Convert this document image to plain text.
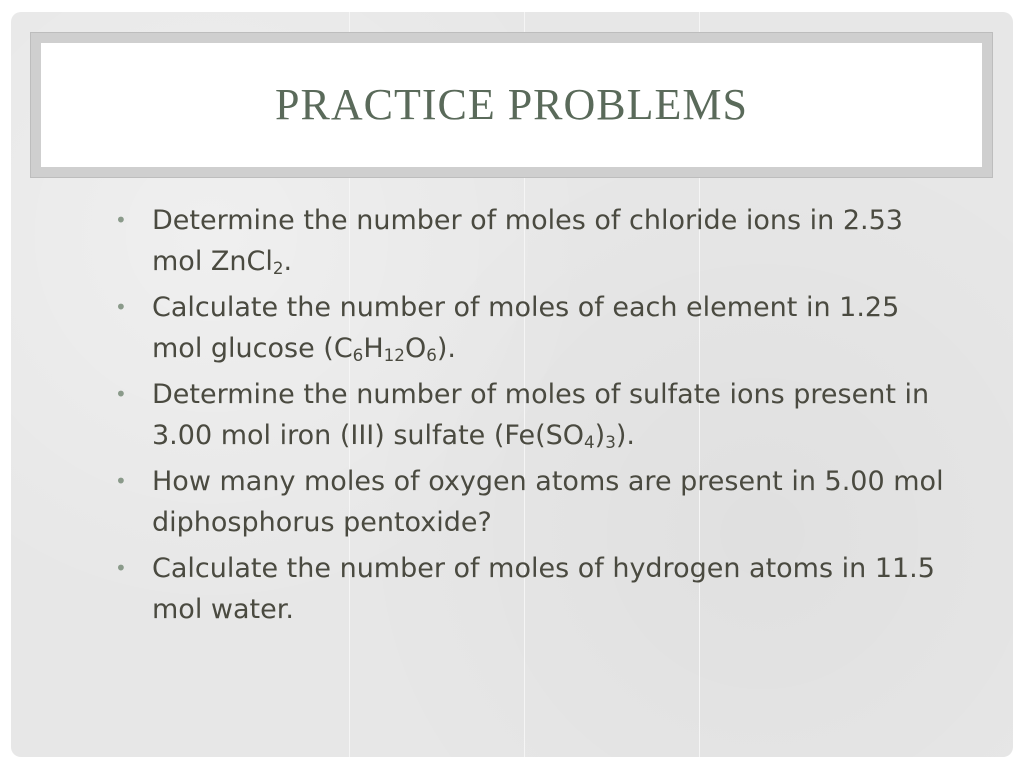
PRACTICE PROBLEMS
• Determine the number of moles of chloride ions in 2.53 mol ZnCl$_2$.
• Calculate the number of moles of each element in 1.25 mol glucose $(C_6H_{12}O_6)$.
• Determine the number of moles of sulfate ions present in 3.00 mol iron (III) sulfate $(Fe(SO_4)_3)$.
• How many moles of oxygen atoms are present in 5.00 mol diphosphorus pentoxide?
• Calculate the number of moles of hydrogen atoms in 11.5 mol water.
